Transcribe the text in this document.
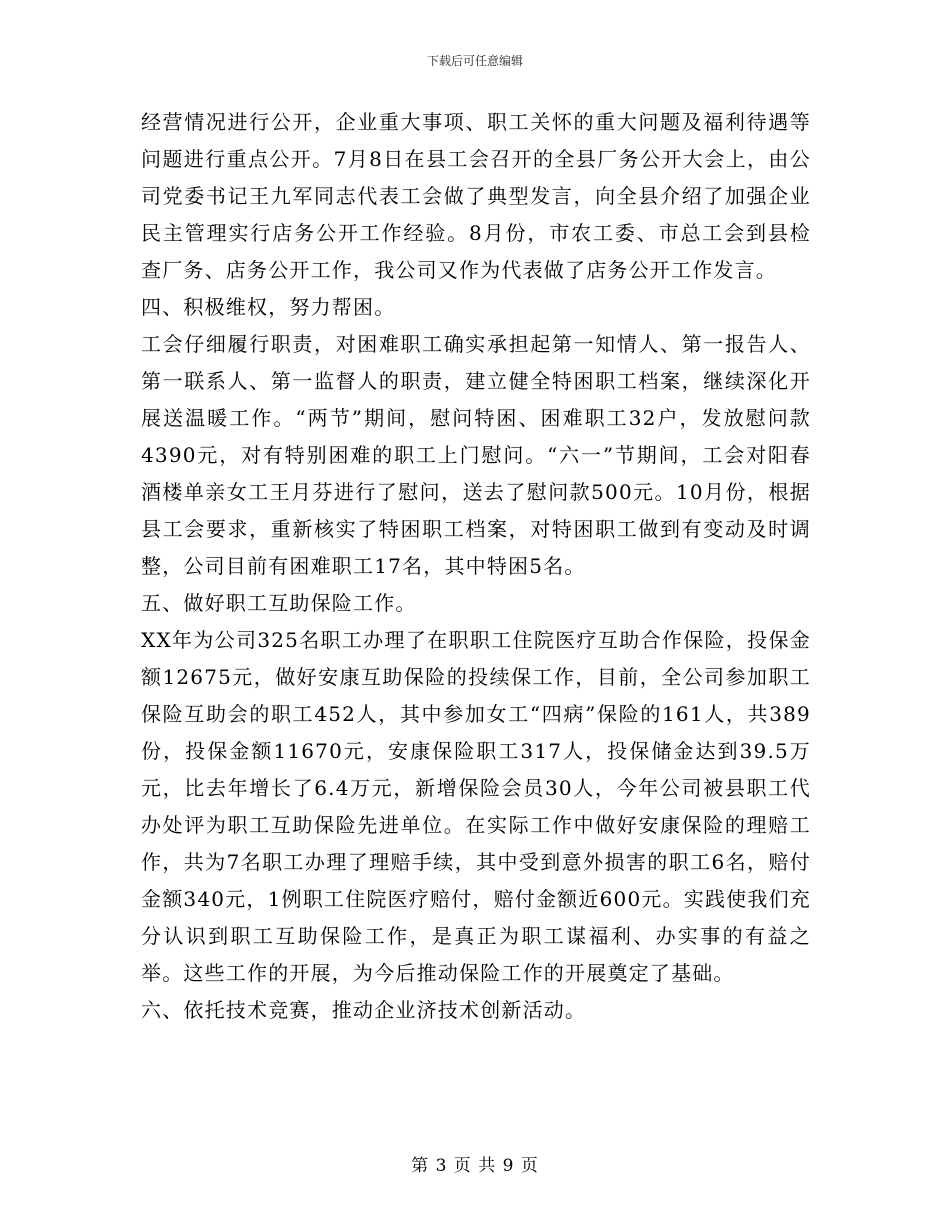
下载后可任意编辑

经营情况进行公开，企业重大事项、职工关怀的重大问题及福利待遇等问题进行重点公开。7月8日在县工会召开的全县厂务公开大会上，由公司党委书记王九军同志代表工会做了典型发言，向全县介绍了加强企业民主管理实行店务公开工作经验。8月份，市农工委、市总工会到县检查厂务、店务公开工作，我公司又作为代表做了店务公开工作发言。

四、积极维权，努力帮困。

工会仔细履行职责，对困难职工确实承担起第一知情人、第一报告人、第一联系人、第一监督人的职责，建立健全特困职工档案，继续深化开展送温暖工作。“两节”期间，慰问特困、困难职工32户，发放慰问款4390元，对有特别困难的职工上门慰问。“六一”节期间，工会对阳春酒楼单亲女工王月芬进行了慰问，送去了慰问款500元。10月份，根据县工会要求，重新核实了特困职工档案，对特困职工做到有变动及时调整，公司目前有困难职工17名，其中特困5名。

五、做好职工互助保险工作。

XX年为公司325名职工办理了在职职工住院医疗互助合作保险，投保金额12675元，做好安康互助保险的投续保工作，目前，全公司参加职工保险互助会的职工452人，其中参加女工“四病”保险的161人，共389份，投保金额11670元，安康保险职工317人，投保储金达到39.5万元，比去年增长了6.4万元，新增保险会员30人，今年公司被县职工代办处评为职工互助保险先进单位。在实际工作中做好安康保险的理赔工作，共为7名职工办理了理赔手续，其中受到意外损害的职工6名，赔付金额340元，1例职工住院医疗赔付，赔付金额近600元。实践使我们充分认识到职工互助保险工作，是真正为职工谋福利、办实事的有益之举。这些工作的开展，为今后推动保险工作的开展奠定了基础。

六、依托技术竞赛，推动企业济技术创新活动。

第 3 页 共 9 页
